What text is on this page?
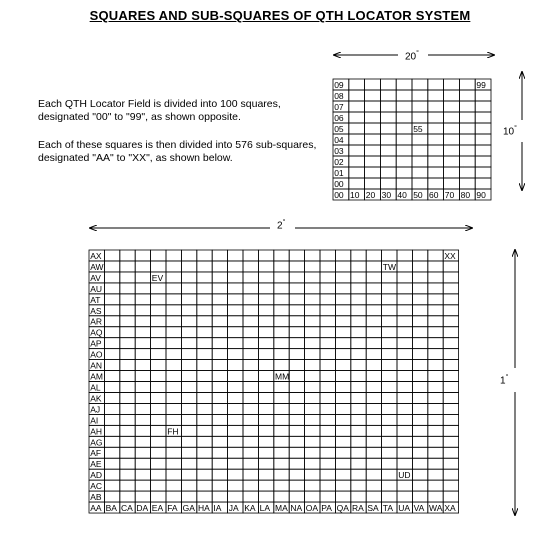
SQUARES AND SUB-SQUARES OF QTH LOCATOR SYSTEM
Each QTH Locator Field is divided into 100 squares, designated "00" to "99", as shown opposite.
Each of these squares is then divided into 576 sub-squares, designated "AA" to "XX", as shown below.
20°
10°
2°
1°
09
08
07
06
05
04
03
02
01
00
00 10 20 30 40 50 60 70 80 90
99
55
AX
AW
AV
AU
AT
AS
AR
AQ
AP
AO
AN
AM
AL
AK
AJ
AI
AH
AG
AF
AE
AD
AC
AB
AA BA CA DA EA FA GA HA IA JA KA LA MA NA OA PA QA RA SA TA UA VA WA XA
XX
TW
EV
MM
FH
UD
